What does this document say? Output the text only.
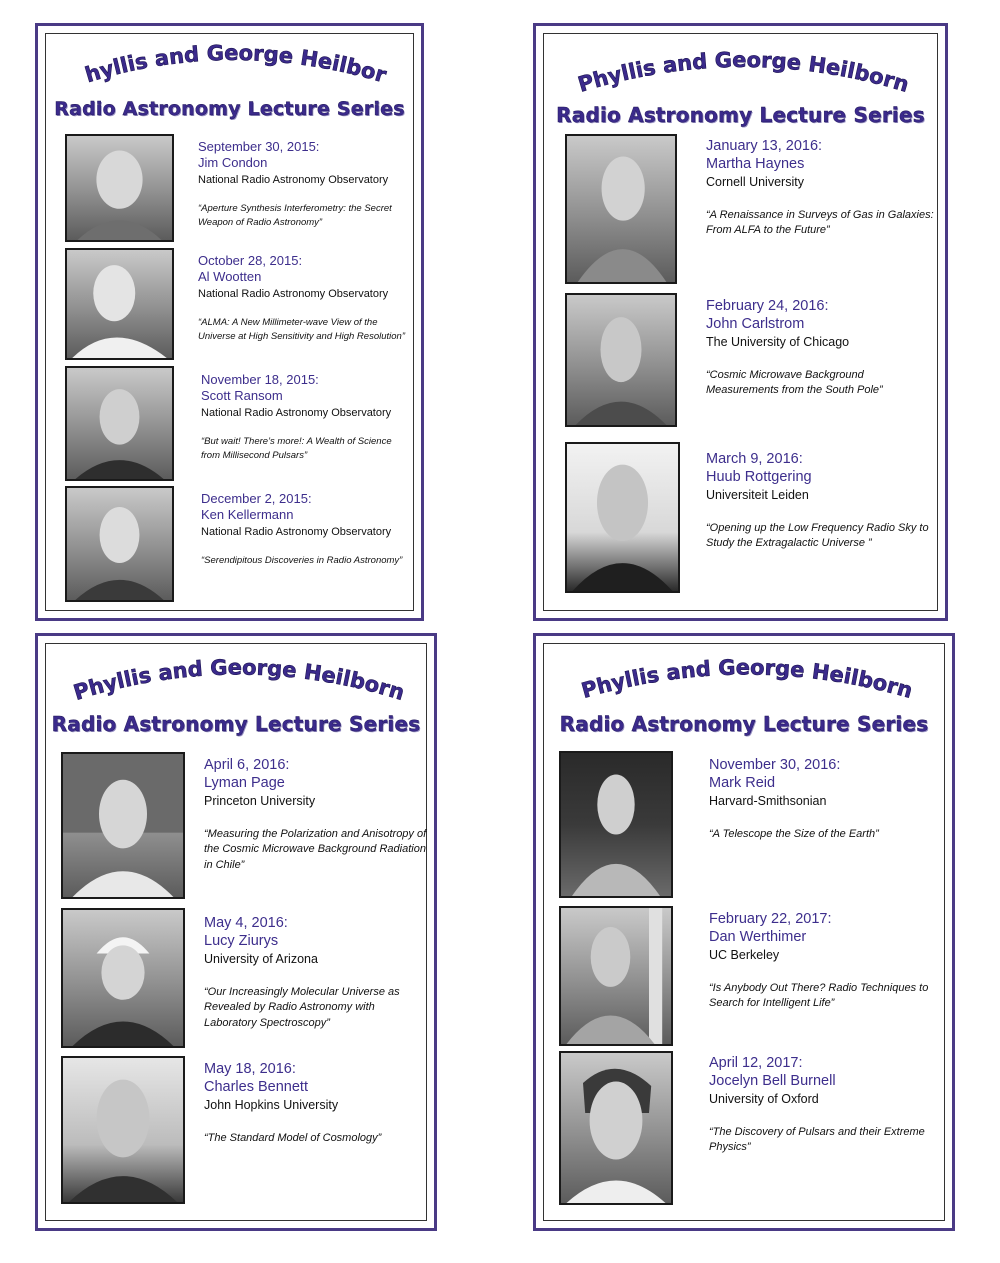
Phyllis and George Heilborn
Radio Astronomy Lecture Series
September 30, 2015:
Jim Condon
National Radio Astronomy Observatory
“Aperture Synthesis Interferometry: the Secret Weapon of Radio Astronomy”
October 28, 2015:
Al Wootten
National Radio Astronomy Observatory
“ALMA: A New Millimeter-wave View of the Universe at High Sensitivity and High Resolution”
November 18, 2015:
Scott Ransom
National Radio Astronomy Observatory
“But wait! There’s more!: A Wealth of Science from Millisecond Pulsars”
December 2, 2015:
Ken Kellermann
National Radio Astronomy Observatory
“Serendipitous Discoveries in Radio Astronomy”
Phyllis and George Heilborn
Radio Astronomy Lecture Series
January 13, 2016:
Martha Haynes
Cornell University
“A Renaissance in Surveys of Gas in Galaxies: From ALFA to the Future”
February 24, 2016:
John Carlstrom
The University of Chicago
“Cosmic Microwave Background Measurements from the South Pole”
March 9, 2016:
Huub Rottgering
Universiteit Leiden
“Opening up the Low Frequency Radio Sky to Study the Extragalactic Universe ”
Phyllis and George Heilborn
Radio Astronomy Lecture Series
April 6, 2016:
Lyman Page
Princeton University
“Measuring the Polarization and Anisotropy of the Cosmic Microwave Background Radiation in Chile”
May 4, 2016:
Lucy Ziurys
University of Arizona
“Our Increasingly Molecular Universe as Revealed by Radio Astronomy with Laboratory Spectroscopy”
May 18, 2016:
Charles Bennett
John Hopkins University
“The Standard Model of Cosmology”
Phyllis and George Heilborn
Radio Astronomy Lecture Series
November 30, 2016:
Mark Reid
Harvard-Smithsonian
“A Telescope the Size of the Earth”
February 22, 2017:
Dan Werthimer
UC Berkeley
“Is Anybody Out There? Radio Techniques to Search for Intelligent Life”
April 12, 2017:
Jocelyn Bell Burnell
University of Oxford
“The Discovery of Pulsars and their Extreme Physics”
